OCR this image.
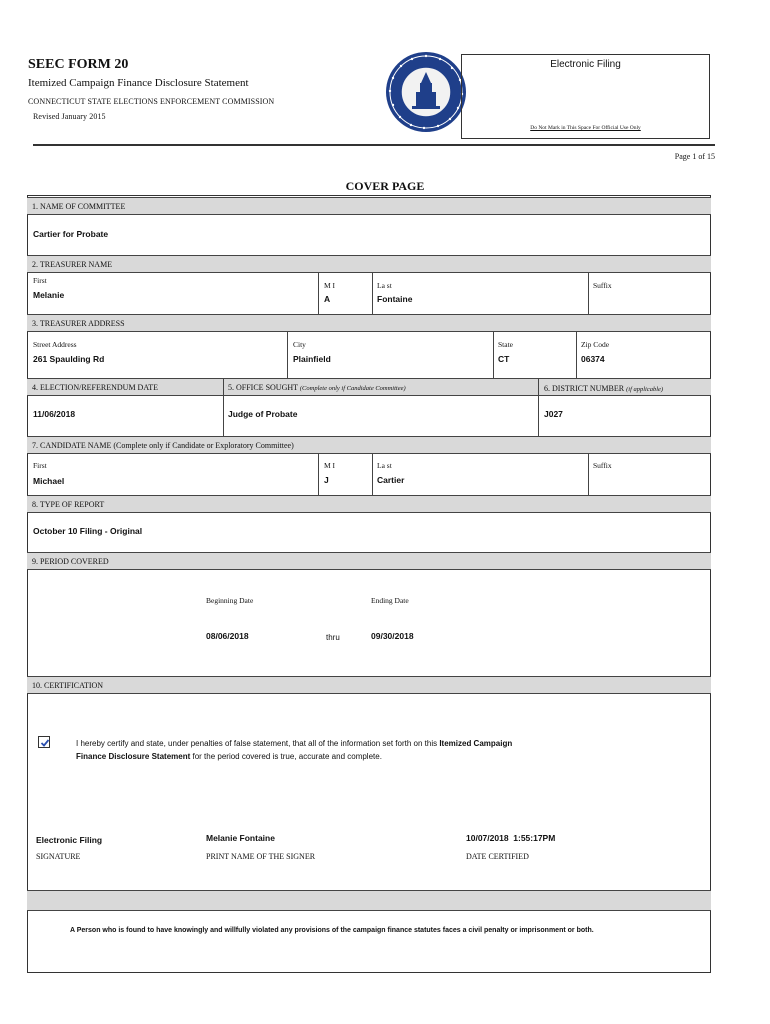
SEEC FORM 20
Itemized Campaign Finance Disclosure Statement
CONNECTICUT STATE ELECTIONS ENFORCEMENT COMMISSION
Revised January 2015
Electronic Filing
Do Not Mark in This Space For Official Use Only
Page 1 of 15
COVER PAGE
1. NAME OF COMMITTEE
Cartier for Probate
2. TREASURER NAME
First
Melanie
M I
A
La st
Fontaine
Suffix
3. TREASURER ADDRESS
Street Address
261 Spaulding Rd
City
Plainfield
State
CT
Zip Code
06374
4. ELECTION/REFERENDUM DATE	5. OFFICE SOUGHT (Complete only if Candidate Committee)	6. DISTRICT NUMBER (if applicable)
11/06/2018	Judge of Probate	J027
7. CANDIDATE NAME (Complete only if Candidate or Exploratory Committee)
First
Michael
M I
J
La st
Cartier
Suffix
8. TYPE OF REPORT
October 10 Filing - Original
9. PERIOD COVERED
Beginning Date
08/06/2018	thru
Ending Date
09/30/2018
10. CERTIFICATION
I hereby certify and state, under penalties of false statement, that all of the information set forth on this Itemized Campaign Finance Disclosure Statement for the period covered is true, accurate and complete.
Electronic Filing
SIGNATURE
Melanie Fontaine
PRINT NAME OF THE SIGNER
10/07/2018  1:55:17PM
DATE CERTIFIED
A Person who is found to have knowingly and willfully violated any provisions of the campaign finance statutes faces a civil penalty or imprisonment or both.
